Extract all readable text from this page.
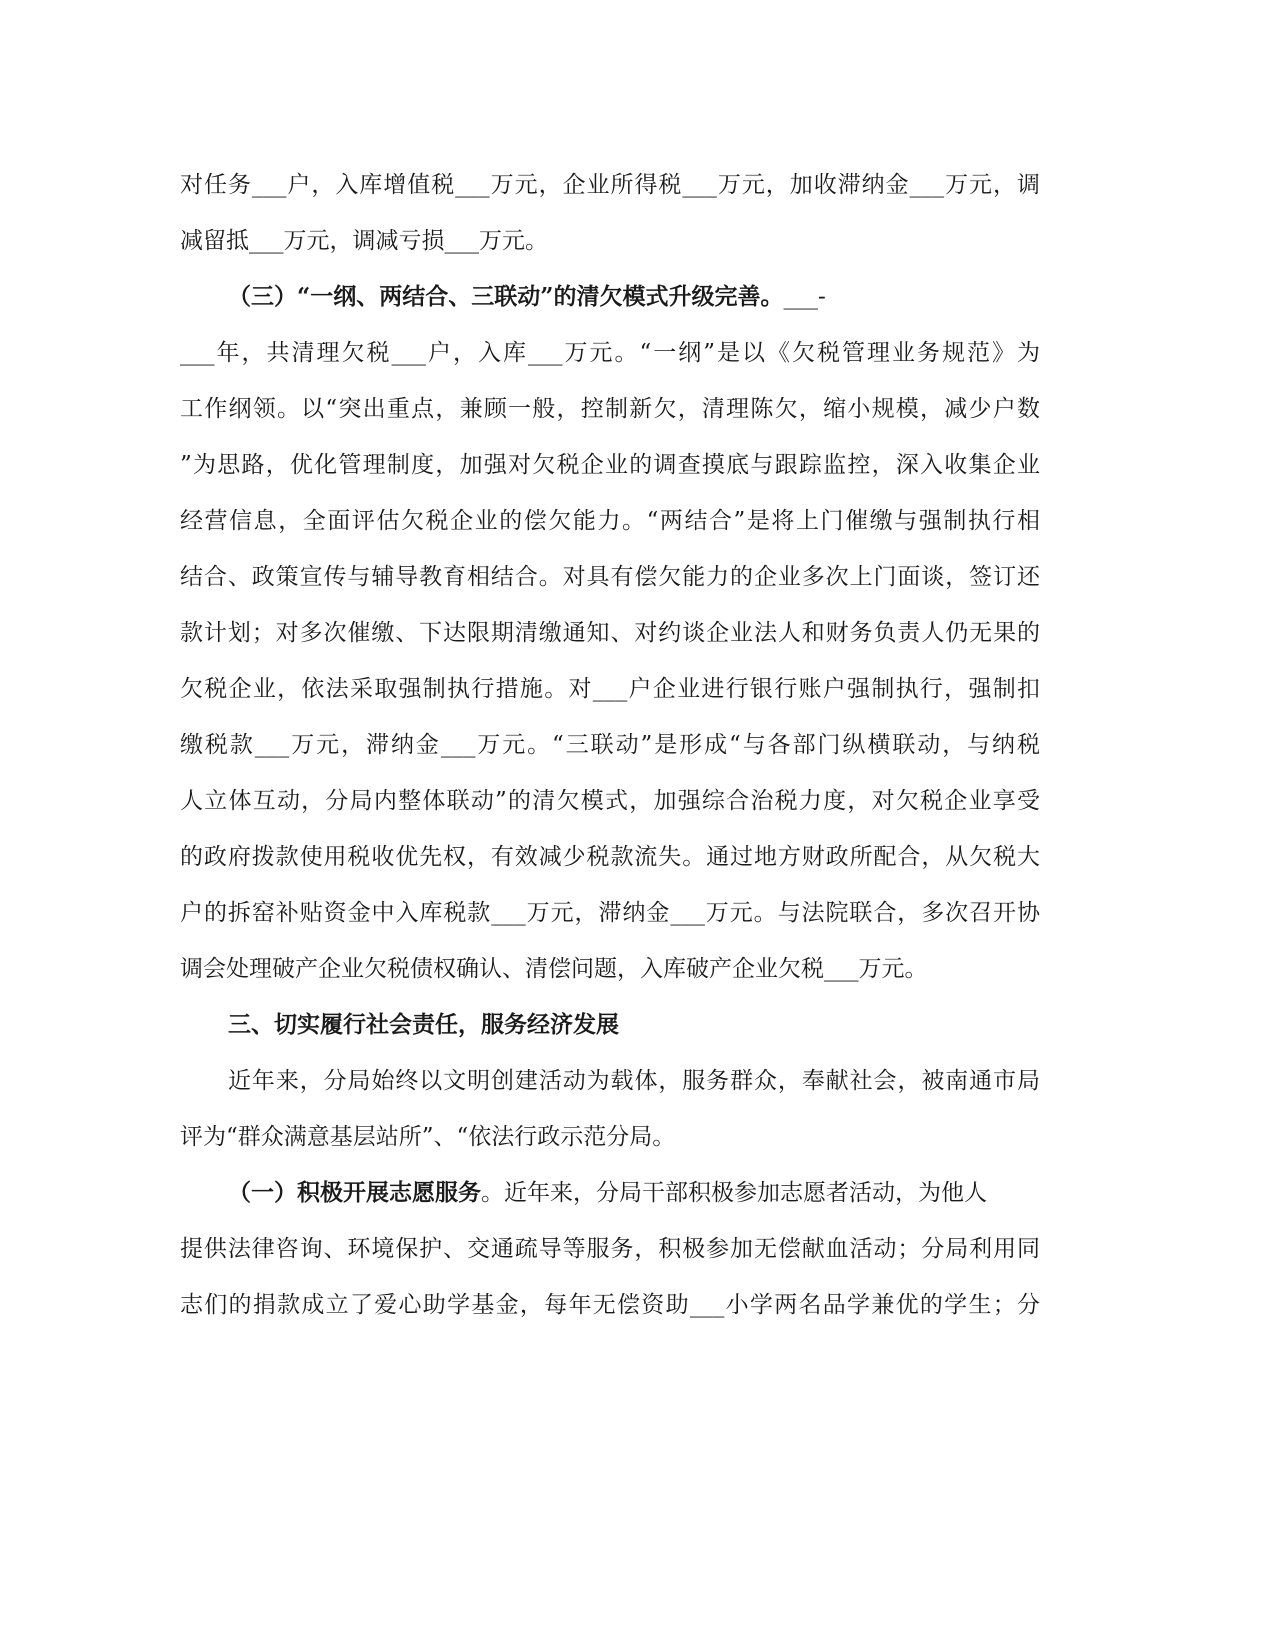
对任务___户，入库增值税___万元，企业所得税___万元，加收滞纳金___万元，调
减留抵___万元，调减亏损___万元。
（三）“一纲、两结合、三联动”的清欠模式升级完善。___-
___年，共清理欠税___户，入库___万元。“一纲”是以《欠税管理业务规范》为
工作纲领。以“突出重点，兼顾一般，控制新欠，清理陈欠，缩小规模，减少户数
”为思路，优化管理制度，加强对欠税企业的调查摸底与跟踪监控，深入收集企业
经营信息，全面评估欠税企业的偿欠能力。“两结合”是将上门催缴与强制执行相
结合、政策宣传与辅导教育相结合。对具有偿欠能力的企业多次上门面谈，签订还
款计划；对多次催缴、下达限期清缴通知、对约谈企业法人和财务负责人仍无果的
欠税企业，依法采取强制执行措施。对___户企业进行银行账户强制执行，强制扣
缴税款___万元，滞纳金___万元。“三联动”是形成“与各部门纵横联动，与纳税
人立体互动，分局内整体联动”的清欠模式，加强综合治税力度，对欠税企业享受
的政府拨款使用税收优先权，有效减少税款流失。通过地方财政所配合，从欠税大
户的拆窑补贴资金中入库税款___万元，滞纳金___万元。与法院联合，多次召开协
调会处理破产企业欠税债权确认、清偿问题，入库破产企业欠税___万元。
三、切实履行社会责任，服务经济发展
近年来，分局始终以文明创建活动为载体，服务群众，奉献社会，被南通市局
评为“群众满意基层站所”、“依法行政示范分局。
（一）积极开展志愿服务。近年来，分局干部积极参加志愿者活动，为他人
提供法律咨询、环境保护、交通疏导等服务，积极参加无偿献血活动；分局利用同
志们的捐款成立了爱心助学基金，每年无偿资助___小学两名品学兼优的学生；分
